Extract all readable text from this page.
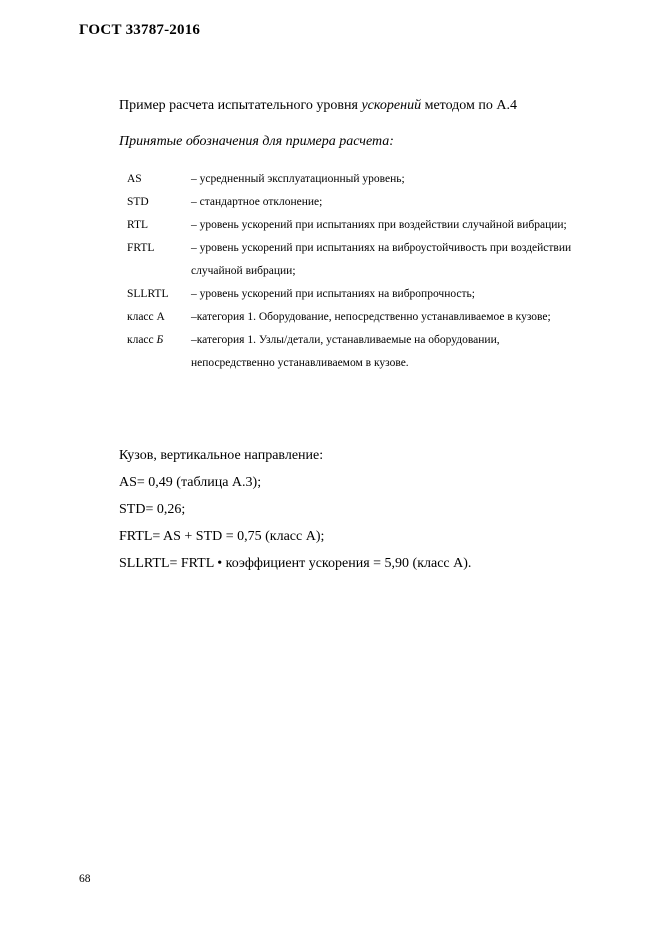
ГОСТ 33787-2016
Пример расчета испытательного уровня ускорений методом по А.4
Принятые обозначения для примера расчета:
AS	– усредненный эксплуатационный уровень;
STD	– стандартное отклонение;
RTL	– уровень ускорений при испытаниях при воздействии случайной вибрации;
FRTL	– уровень ускорений при испытаниях на виброустойчивость при воздействии случайной вибрации;
SLLRTL	– уровень ускорений при испытаниях на вибропрочность;
класс A	–категория 1. Оборудование, непосредственно устанавливаемое в кузове;
класс Б	–категория 1. Узлы/детали, устанавливаемые на оборудовании, непосредственно устанавливаемом в кузове.
Кузов, вертикальное направление:
AS= 0,49 (таблица А.3);
STD= 0,26;
FRTL= AS + STD = 0,75 (класс А);
SLLRTL= FRTL • коэффициент ускорения = 5,90 (класс А).
68
